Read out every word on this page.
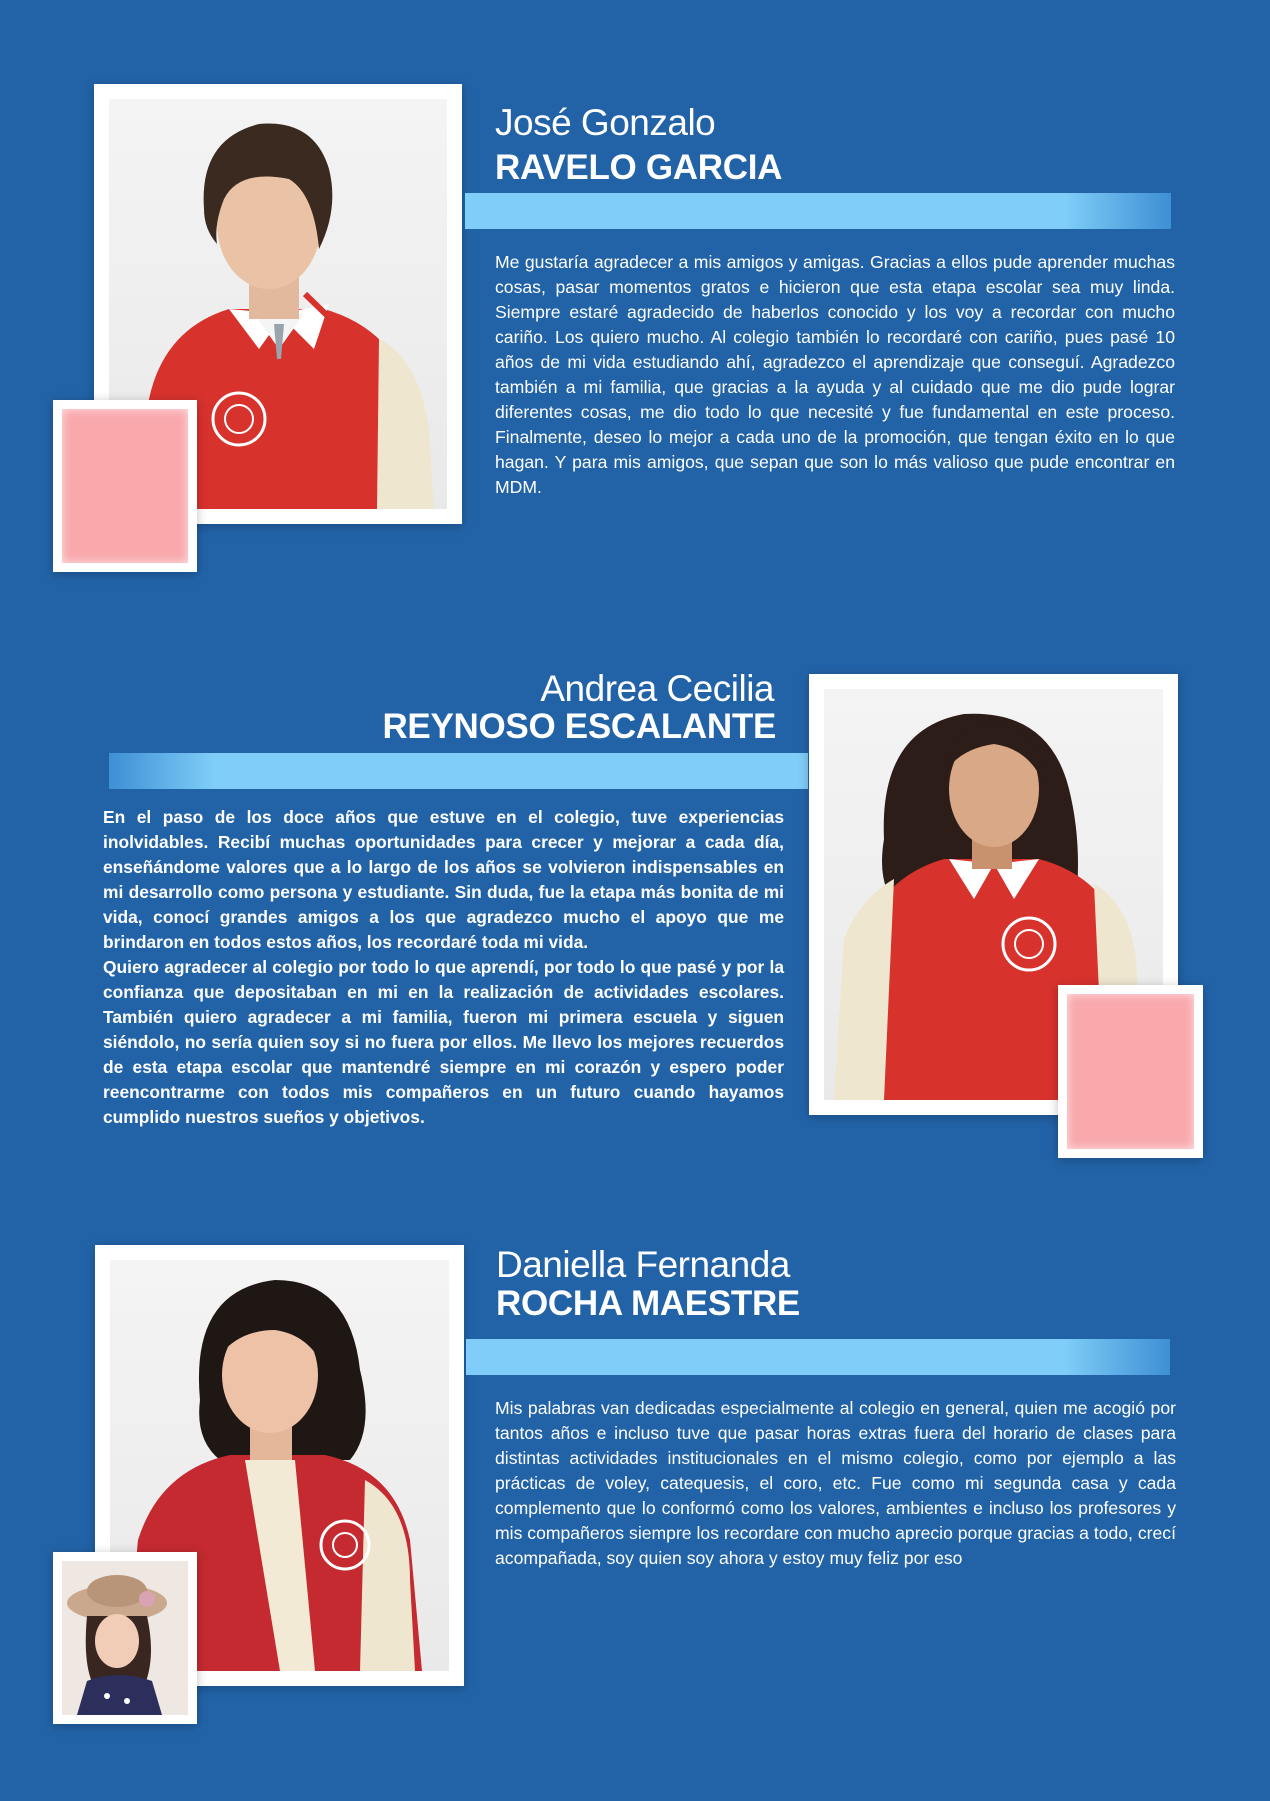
José Gonzalo
RAVELO GARCIA
Me gustaría agradecer a mis amigos y amigas. Gracias a ellos pude aprender muchas cosas, pasar momentos gratos e hicieron que esta etapa escolar sea muy linda. Siempre estaré agradecido de haberlos conocido y los voy a recordar con mucho cariño. Los quiero mucho. Al colegio también lo recordaré con cariño, pues pasé 10 años de mi vida estudiando ahí, agradezco el aprendizaje que conseguí. Agradezco también a mi familia, que gracias a la ayuda y al cuidado que me dio pude lograr diferentes cosas, me dio todo lo que necesité y fue fundamental en este proceso. Finalmente, deseo lo mejor a cada uno de la promoción, que tengan éxito en lo que hagan. Y para mis amigos, que sepan que son lo más valioso que pude encontrar en MDM.
Andrea Cecilia
REYNOSO ESCALANTE
En el paso de los doce años que estuve en el colegio, tuve experiencias inolvidables. Recibí muchas oportunidades para crecer y mejorar a cada día, enseñándome valores que a lo largo de los años se volvieron indispensables en mi desarrollo como persona y estudiante. Sin duda, fue la etapa más bonita de mi vida, conocí grandes amigos a los que agradezco mucho el apoyo que me brindaron en todos estos años, los recordaré toda mi vida.
Quiero agradecer al colegio por todo lo que aprendí, por todo lo que pasé y por la confianza que depositaban en mi en la realización de actividades escolares. También quiero agradecer a mi familia, fueron mi primera escuela y siguen siéndolo, no sería quien soy si no fuera por ellos. Me llevo los mejores recuerdos de esta etapa escolar que mantendré siempre en mi corazón y espero poder reencontrarme con todos mis compañeros en un futuro cuando hayamos cumplido nuestros sueños y objetivos.
Daniella Fernanda
ROCHA MAESTRE
Mis palabras van dedicadas especialmente al colegio en general, quien me acogió por tantos años e incluso tuve que pasar horas extras fuera del horario de clases para distintas actividades institucionales en el mismo colegio, como por ejemplo a las prácticas de voley, catequesis, el coro, etc. Fue como mi segunda casa y cada complemento que lo conformó como los valores, ambientes e incluso los profesores y mis compañeros siempre los recordare con mucho aprecio porque gracias a todo, crecí acompañada, soy quien soy ahora y estoy muy feliz por eso
